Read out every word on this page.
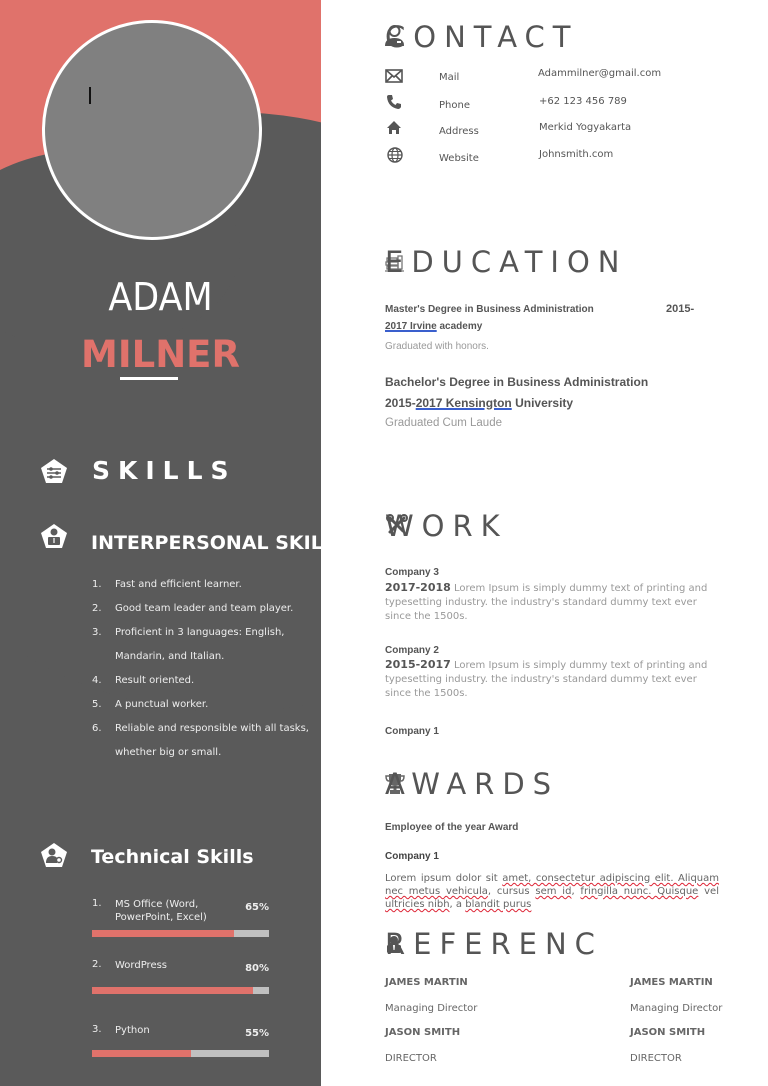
ADAM
MILNER
SKILLS
INTERPERSONAL SKILLS
1.	Fast and efficient learner.
2.	Good team leader and team player.
3.	Proficient in 3 languages: English, Mandarin, and Italian.
4.	Result oriented.
5.	A punctual worker.
6.	Reliable and responsible with all tasks, whether big or small.
Technical Skills
1.	MS Office (Word, PowerPoint, Excel)
65%
2.	WordPress	80%
3.	Python	55%
CONTACT
Mail	Adammilner@gmail.com
Phone	+62 123 456 789
Address	Merkid Yogyakarta
Website	Johnsmith.com
EDUCATION
Master's Degree in Business Administration	2015-
2017 Irvine academy
Graduated with honors.
Bachelor's Degree in Business Administration
2015-2017 Kensington University
Graduated Cum Laude
WORK
Company 3
2017-2018 Lorem Ipsum is simply dummy text of printing and typesetting industry. the industry's standard dummy text ever since the 1500s.
Company 2
2015-2017 Lorem Ipsum is simply dummy text of printing and typesetting industry. the industry's standard dummy text ever since the 1500s.
Company 1
AWARDS
Employee of the year Award
Company 1
Lorem ipsum dolor sit amet, consectetur adipiscing elit. Aliquam nec metus vehicula, cursus sem id, fringilla nunc. Quisque vel ultricies nibh, a blandit purus
REFERENC
JAMES MARTIN
Managing Director
JASON SMITH
DIRECTOR
JAMES MARTIN
Managing Director
JASON SMITH
DIRECTOR
